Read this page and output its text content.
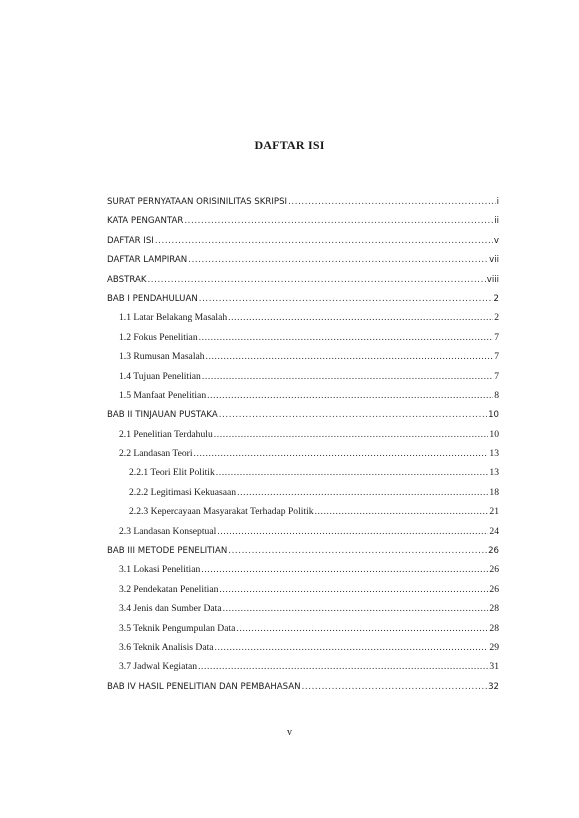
DAFTAR ISI
SURAT PERNYATAAN ORISINILITAS SKRIPSI .....	i
KATA PENGANTAR .....	ii
DAFTAR ISI .....	v
DAFTAR LAMPIRAN .....	vii
ABSTRAK .....	viii
BAB I PENDAHULUAN .....	2
1.1 Latar Belakang Masalah .....	2
1.2 Fokus Penelitian .....	7
1.3 Rumusan Masalah .....	7
1.4 Tujuan Penelitian .....	7
1.5 Manfaat Penelitian .....	8
BAB II TINJAUAN PUSTAKA .....	10
2.1 Penelitian Terdahulu .....	10
2.2 Landasan Teori .....	13
2.2.1 Teori Elit Politik .....	13
2.2.2 Legitimasi Kekuasaan .....	18
2.2.3 Kepercayaan Masyarakat Terhadap Politik .....	21
2.3 Landasan Konseptual .....	24
BAB III METODE PENELITIAN .....	26
3.1 Lokasi Penelitian .....	26
3.2 Pendekatan Penelitian .....	26
3.4 Jenis dan Sumber Data .....	28
3.5 Teknik Pengumpulan Data .....	28
3.6 Teknik Analisis Data .....	29
3.7 Jadwal Kegiatan .....	31
BAB IV HASIL PENELITIAN DAN PEMBAHASAN .....	32
v
